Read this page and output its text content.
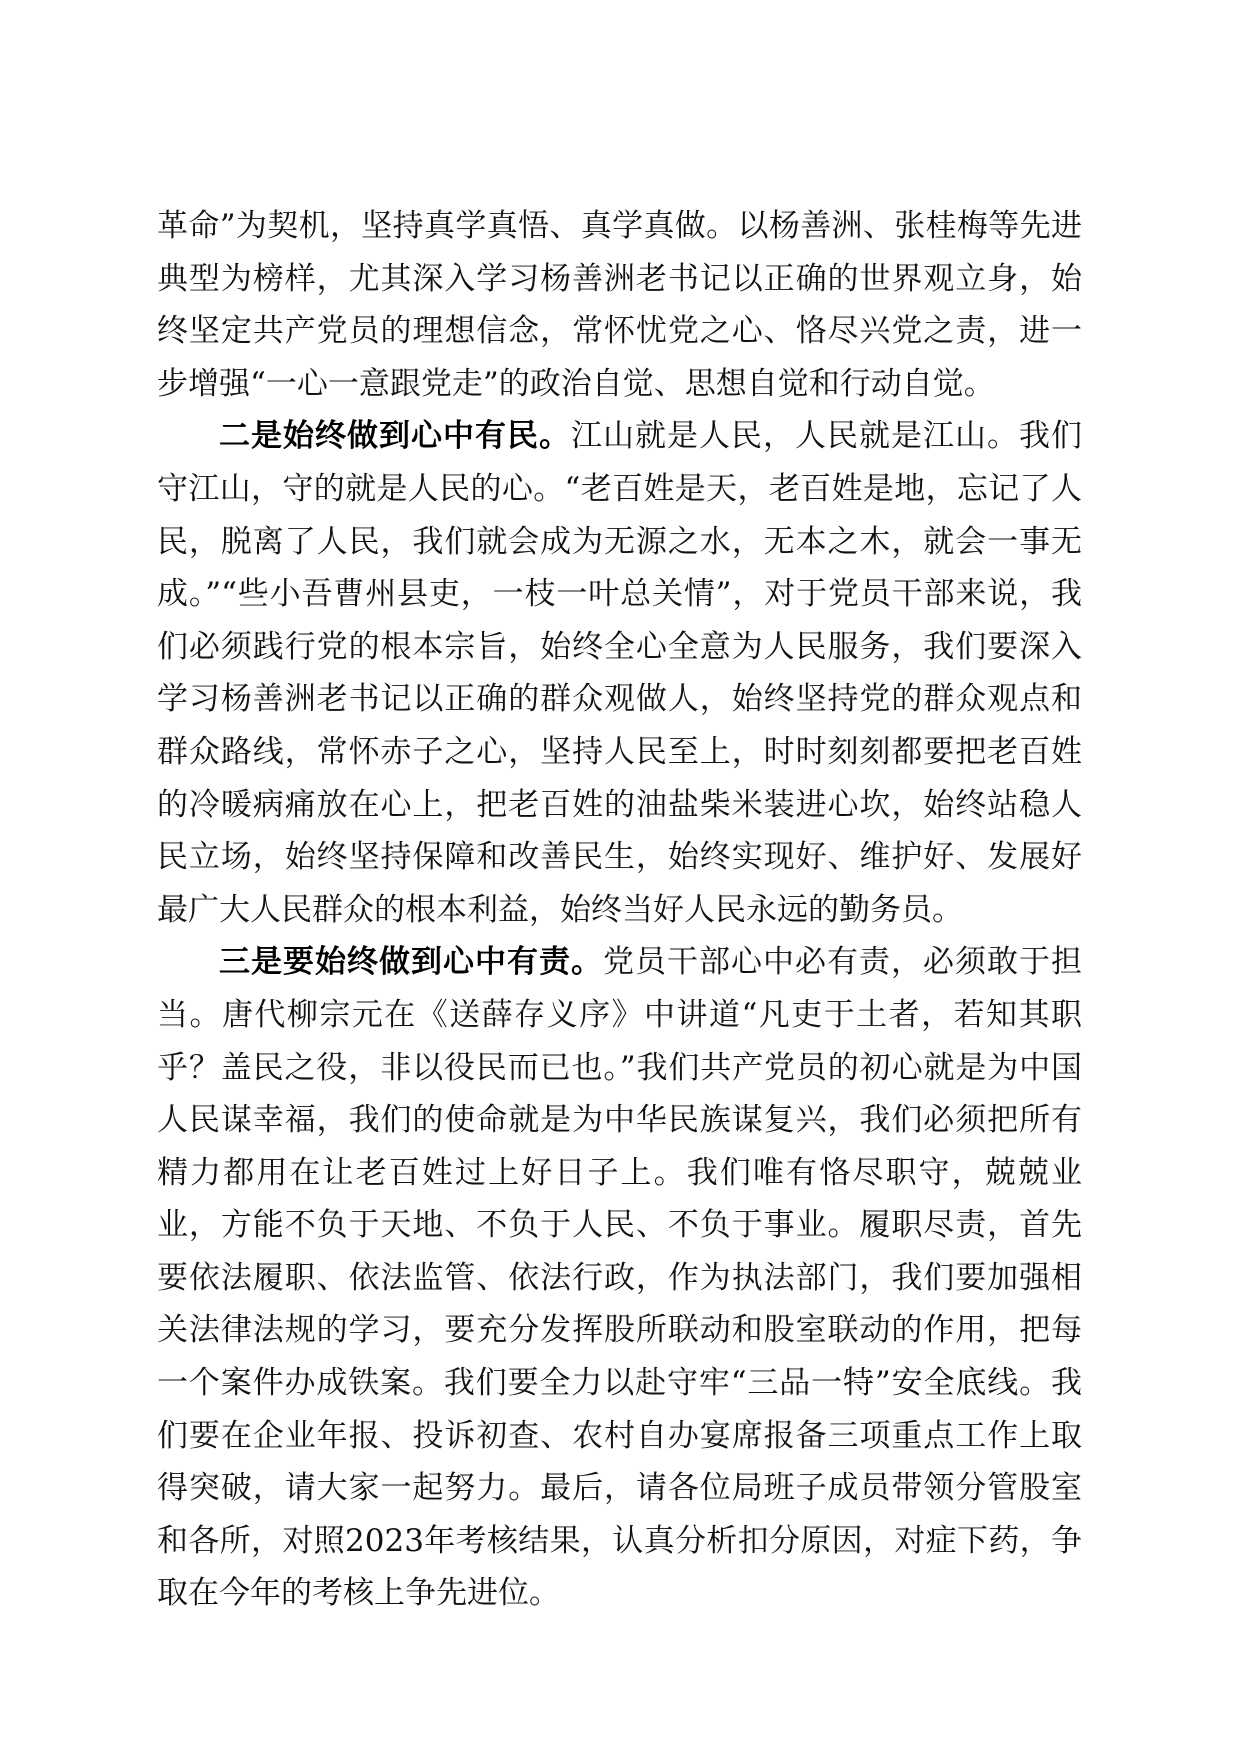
革命”为契机，坚持真学真悟、真学真做。以杨善洲、张桂梅等先进典型为榜样，尤其深入学习杨善洲老书记以正确的世界观立身，始终坚定共产党员的理想信念，常怀忧党之心、恪尽兴党之责，进一步增强“一心一意跟党走”的政治自觉、思想自觉和行动自觉。

二是始终做到心中有民。江山就是人民，人民就是江山。我们守江山，守的就是人民的心。“老百姓是天，老百姓是地，忘记了人民，脱离了人民，我们就会成为无源之水，无本之木，就会一事无成。”“些小吾曹州县吏，一枝一叶总关情”，对于党员干部来说，我们必须践行党的根本宗旨，始终全心全意为人民服务，我们要深入学习杨善洲老书记以正确的群众观做人，始终坚持党的群众观点和群众路线，常怀赤子之心，坚持人民至上，时时刻刻都要把老百姓的冷暖病痛放在心上，把老百姓的油盐柴米装进心坎，始终站稳人民立场，始终坚持保障和改善民生，始终实现好、维护好、发展好最广大人民群众的根本利益，始终当好人民永远的勤务员。

三是要始终做到心中有责。党员干部心中必有责，必须敢于担当。唐代柳宗元在《送薛存义序》中讲道“凡吏于土者，若知其职乎？盖民之役，非以役民而已也。”我们共产党员的初心就是为中国人民谋幸福，我们的使命就是为中华民族谋复兴，我们必须把所有精力都用在让老百姓过上好日子上。我们唯有恪尽职守，兢兢业业，方能不负于天地、不负于人民、不负于事业。履职尽责，首先要依法履职、依法监管、依法行政，作为执法部门，我们要加强相关法律法规的学习，要充分发挥股所联动和股室联动的作用，把每一个案件办成铁案。我们要全力以赴守牢“三品一特”安全底线。我们要在企业年报、投诉初查、农村自办宴席报备三项重点工作上取得突破，请大家一起努力。最后，请各位局班子成员带领分管股室和各所，对照2023年考核结果，认真分析扣分原因，对症下药，争取在今年的考核上争先进位。
